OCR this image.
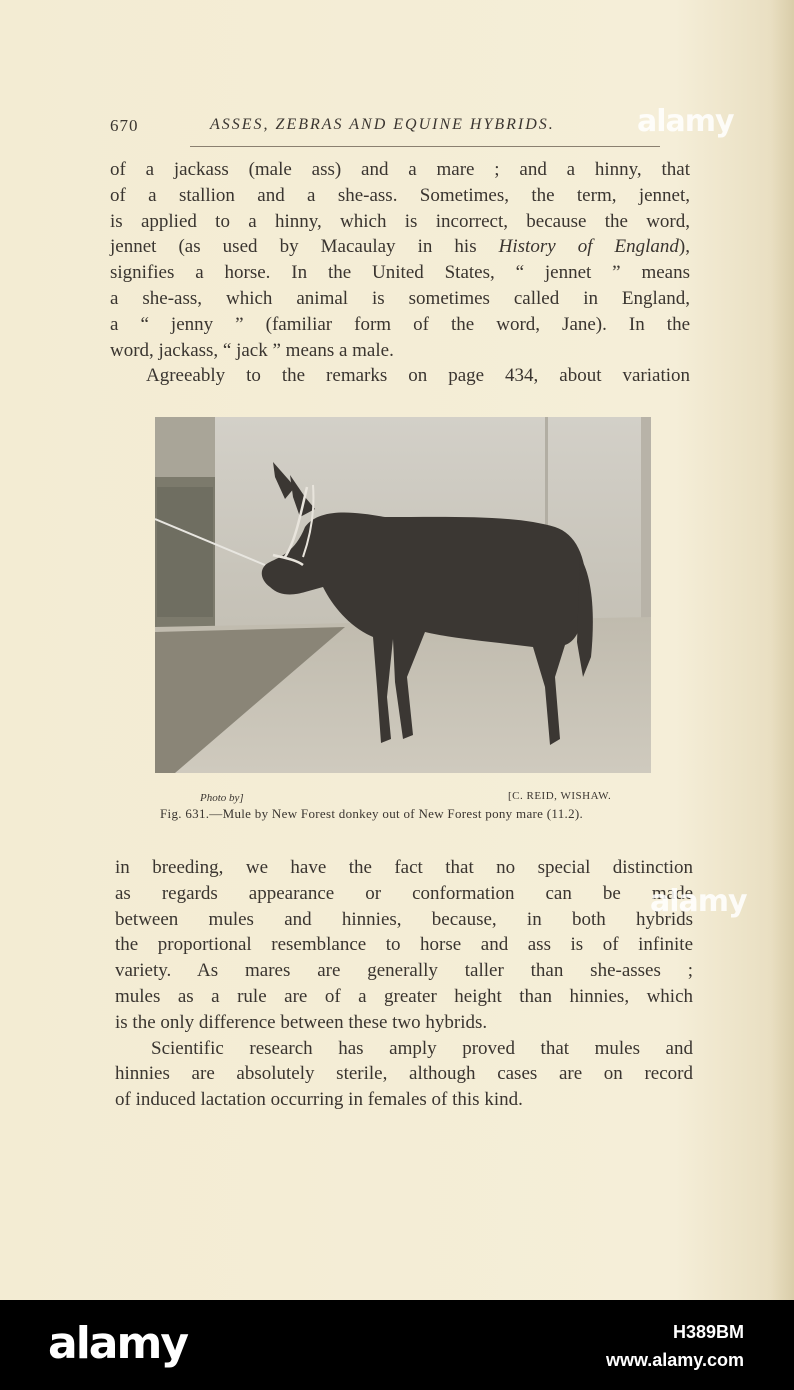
670	ASSES, ZEBRAS AND EQUINE HYBRIDS.	alamy
of a jackass (male ass) and a mare ; and a hinny, that
of a stallion and a she-ass. Sometimes, the term, jennet,
is applied to a hinny, which is incorrect, because the word,
jennet (as used by Macaulay in his History of England),
signifies a horse. In the United States, “ jennet ” means
a she-ass, which animal is sometimes called in England,
a “ jenny ” (familiar form of the word, Jane). In the
word, jackass, “ jack ” means a male.
Agreeably to the remarks on page 434, about variation
Photo by]	[C. REID, WISHAW.
Fig. 631.—Mule by New Forest donkey out of New Forest pony mare (11.2).
in breeding, we have the fact that no special distinction
as regards appearance or conformation can be made
between mules and hinnies, because, in both hybrids
the proportional resemblance to horse and ass is of infinite
variety. As mares are generally taller than she-asses ;
mules as a rule are of a greater height than hinnies, which
is the only difference between these two hybrids.
Scientific research has amply proved that mules and
hinnies are absolutely sterile, although cases are on record
of induced lactation occurring in females of this kind.
alamy
alamy	H389BM
www.alamy.com
